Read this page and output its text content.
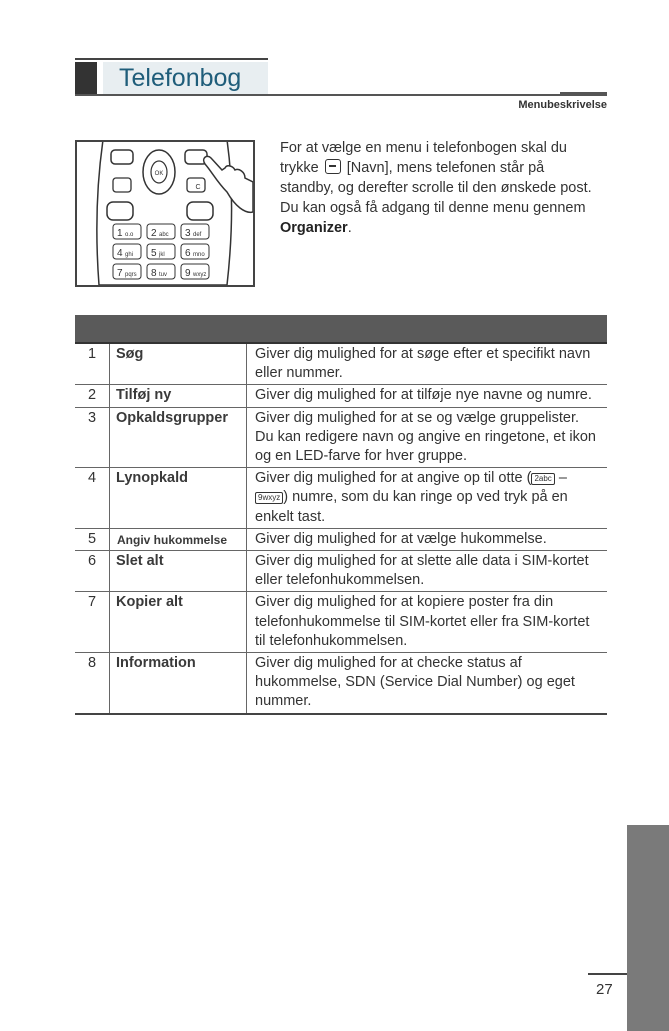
Telefonbog
Menubeskrivelse
OK
C
1 o.o 2 abc 3 def
4 ghi 5 jkl 6 mno
7 pqrs 8 tuv 9 wxyz
For at vælge en menu i telefonbogen skal du trykke [Navn], mens telefonen står på standby, og derefter scrolle til den ønskede post. Du kan også få adgang til denne menu gennem Organizer.
1	Søg	Giver dig mulighed for at søge efter et specifikt navn eller nummer.
2	Tilføj ny	Giver dig mulighed for at tilføje nye navne og numre.
3	Opkaldsgrupper	Giver dig mulighed for at se og vælge gruppelister. Du kan redigere navn og angive en ringetone, et ikon og en LED-farve for hver gruppe.
4	Lynopkald	Giver dig mulighed for at angive op til otte ( 2abc – 9wxyz ) numre, som du kan ringe op ved tryk på en enkelt tast.
5	Angiv hukommelse	Giver dig mulighed for at vælge hukommelse.
6	Slet alt	Giver dig mulighed for at slette alle data i SIM-kortet eller telefonhukommelsen.
7	Kopier alt	Giver dig mulighed for at kopiere poster fra din telefonhukommelse til SIM-kortet eller fra SIM-kortet til telefonhukommelsen.
8	Information	Giver dig mulighed for at checke status af hukommelse, SDN (Service Dial Number) og eget nummer.
27
